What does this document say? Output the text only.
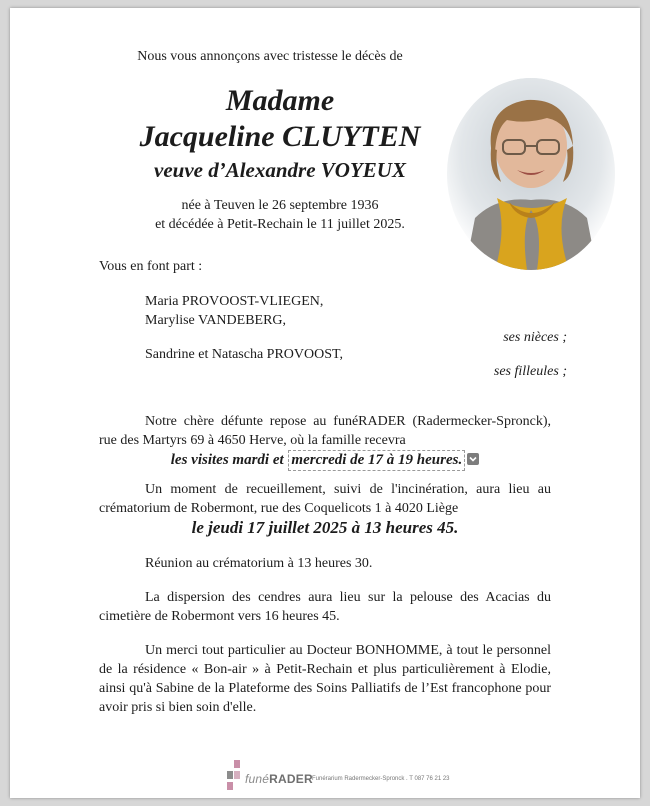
Nous vous annonçons avec tristesse le décès de
Madame
Jacqueline CLUYTEN
veuve d’Alexandre VOYEUX
née à Teuven le 26 septembre 1936
et décédée à Petit-Rechain le 11 juillet 2025.
Vous en font part :
Maria PROVOOST-VLIEGEN,
Marylise VANDEBERG,
ses nièces ;
Sandrine et Natascha PROVOOST,
ses filleules ;
Notre chère défunte repose au funéRADER (Radermecker-Spronck), rue des Martyrs 69 à 4650 Herve, où la famille recevra
les visites mardi et mercredi de 17 à 19 heures.
Un moment de recueillement, suivi de l'incinération, aura lieu au crématorium de Robermont, rue des Coquelicots 1 à 4020 Liège
le jeudi 17 juillet 2025 à 13 heures 45.
Réunion au crématorium à 13 heures 30.
La dispersion des cendres aura lieu sur la pelouse des Acacias du cimetière de Robermont vers 16 heures 45.
Un merci tout particulier au Docteur BONHOMME, à tout le personnel de la résidence « Bon-air » à Petit-Rechain et plus particulièrement à Elodie, ainsi qu'à Sabine de la Plateforme des Soins Palliatifs de l’Est francophone pour avoir pris si bien soin d'elle.
funéRADER Funérarium Radermecker-Spronck . T 087 76 21 23
